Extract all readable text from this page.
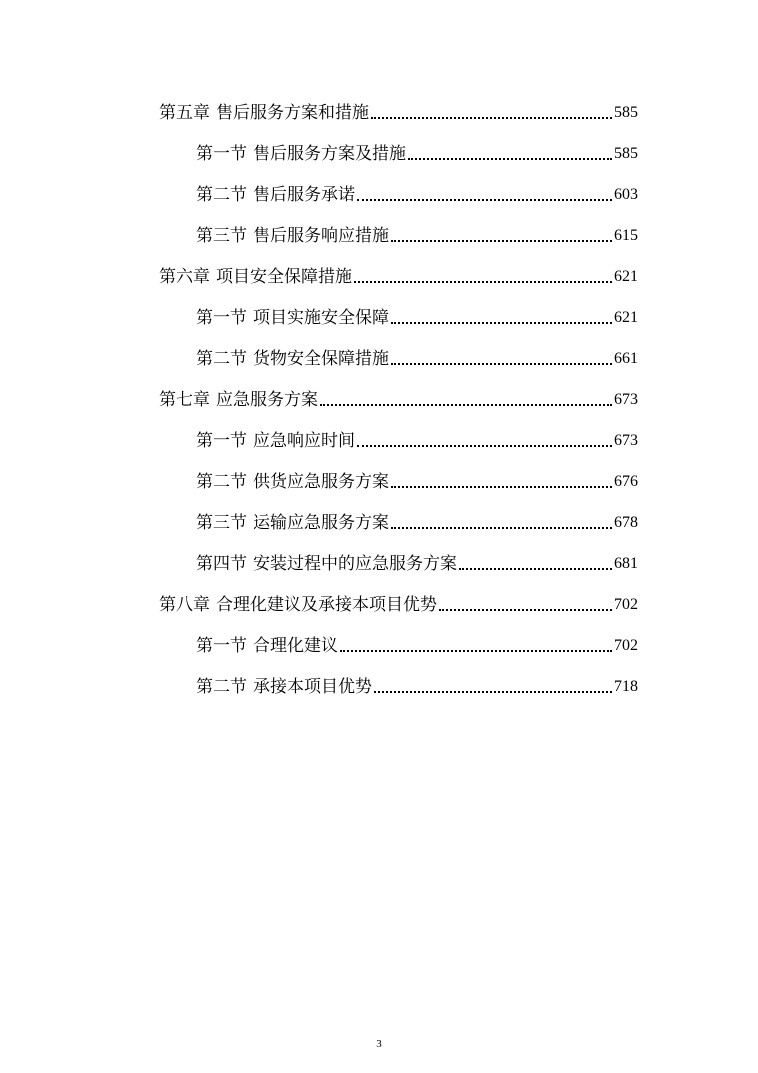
第五章 售后服务方案和措施	585
第一节 售后服务方案及措施	585
第二节 售后服务承诺	603
第三节 售后服务响应措施	615
第六章 项目安全保障措施	621
第一节 项目实施安全保障	621
第二节 货物安全保障措施	661
第七章 应急服务方案	673
第一节 应急响应时间	673
第二节 供货应急服务方案	676
第三节 运输应急服务方案	678
第四节 安装过程中的应急服务方案	681
第八章 合理化建议及承接本项目优势	702
第一节 合理化建议	702
第二节 承接本项目优势	718
3
